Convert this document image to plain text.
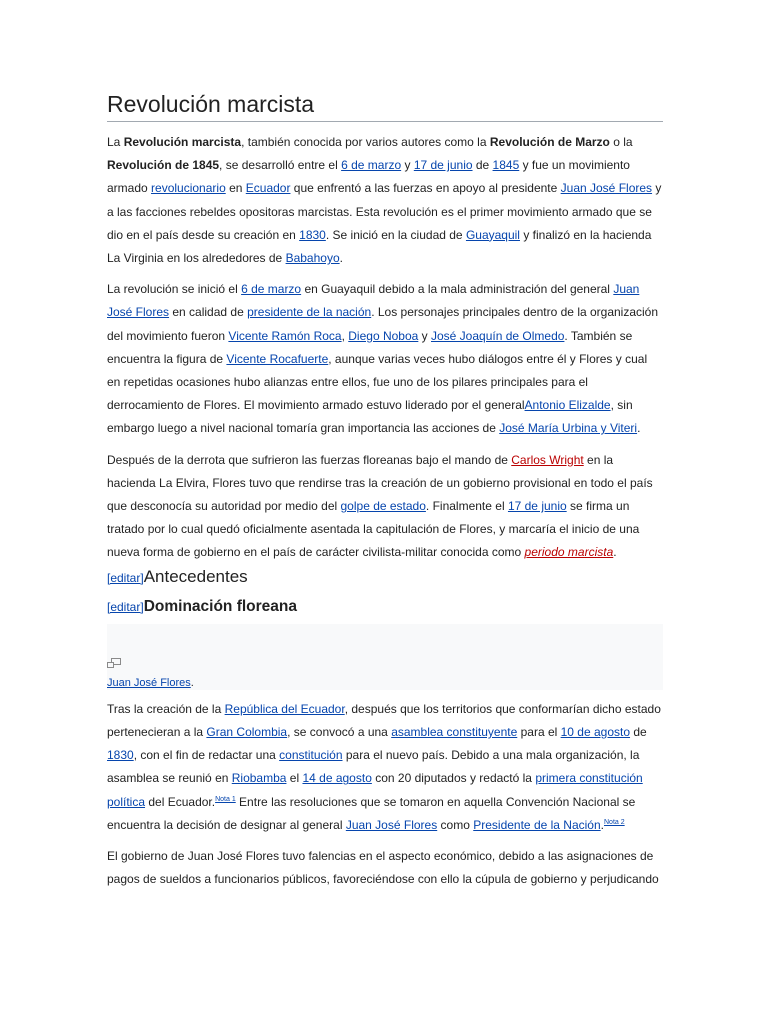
Revolución marcista

La Revolución marcista, también conocida por varios autores como la Revolución de Marzo o la Revolución de 1845, se desarrolló entre el 6 de marzo y 17 de junio de 1845 y fue un movimiento armado revolucionario en Ecuador que enfrentó a las fuerzas en apoyo al presidente Juan José Flores y a las facciones rebeldes opositoras marcistas. Esta revolución es el primer movimiento armado que se dio en el país desde su creación en 1830. Se inició en la ciudad de Guayaquil y finalizó en la hacienda La Virginia en los alrededores de Babahoyo.

La revolución se inició el 6 de marzo en Guayaquil debido a la mala administración del general Juan José Flores en calidad de presidente de la nación. Los personajes principales dentro de la organización del movimiento fueron Vicente Ramón Roca, Diego Noboa y José Joaquín de Olmedo. También se encuentra la figura de Vicente Rocafuerte, aunque varias veces hubo diálogos entre él y Flores y cual en repetidas ocasiones hubo alianzas entre ellos, fue uno de los pilares principales para el derrocamiento de Flores. El movimiento armado estuvo liderado por el generalAntonio Elizalde, sin embargo luego a nivel nacional tomaría gran importancia las acciones de José María Urbina y Viteri.

Después de la derrota que sufrieron las fuerzas floreanas bajo el mando de Carlos Wright en la hacienda La Elvira, Flores tuvo que rendirse tras la creación de un gobierno provisional en todo el país que desconocía su autoridad por medio del golpe de estado. Finalmente el 17 de junio se firma un tratado por lo cual quedó oficialmente asentada la capitulación de Flores, y marcaría el inicio de una nueva forma de gobierno en el país de carácter civilista-militar conocida como periodo marcista.[editar]Antecedentes

[editar]Dominación floreana
Juan José Flores.

Tras la creación de la República del Ecuador, después que los territorios que conformarían dicho estado pertenecieran a la Gran Colombia, se convocó a una asamblea constituyente para el 10 de agosto de 1830, con el fin de redactar una constitución para el nuevo país. Debido a una mala organización, la asamblea se reunió en Riobamba el 14 de agosto con 20 diputados y redactó la primera constitución política del Ecuador.$^{Nota 1}$ Entre las resoluciones que se tomaron en aquella Convención Nacional se encuentra la decisión de designar al general Juan José Flores como Presidente de la Nación.$^{Nota 2}$

El gobierno de Juan José Flores tuvo falencias en el aspecto económico, debido a las asignaciones de pagos de sueldos a funcionarios públicos, favoreciéndose con ello la cúpula de gobierno y perjudicando
